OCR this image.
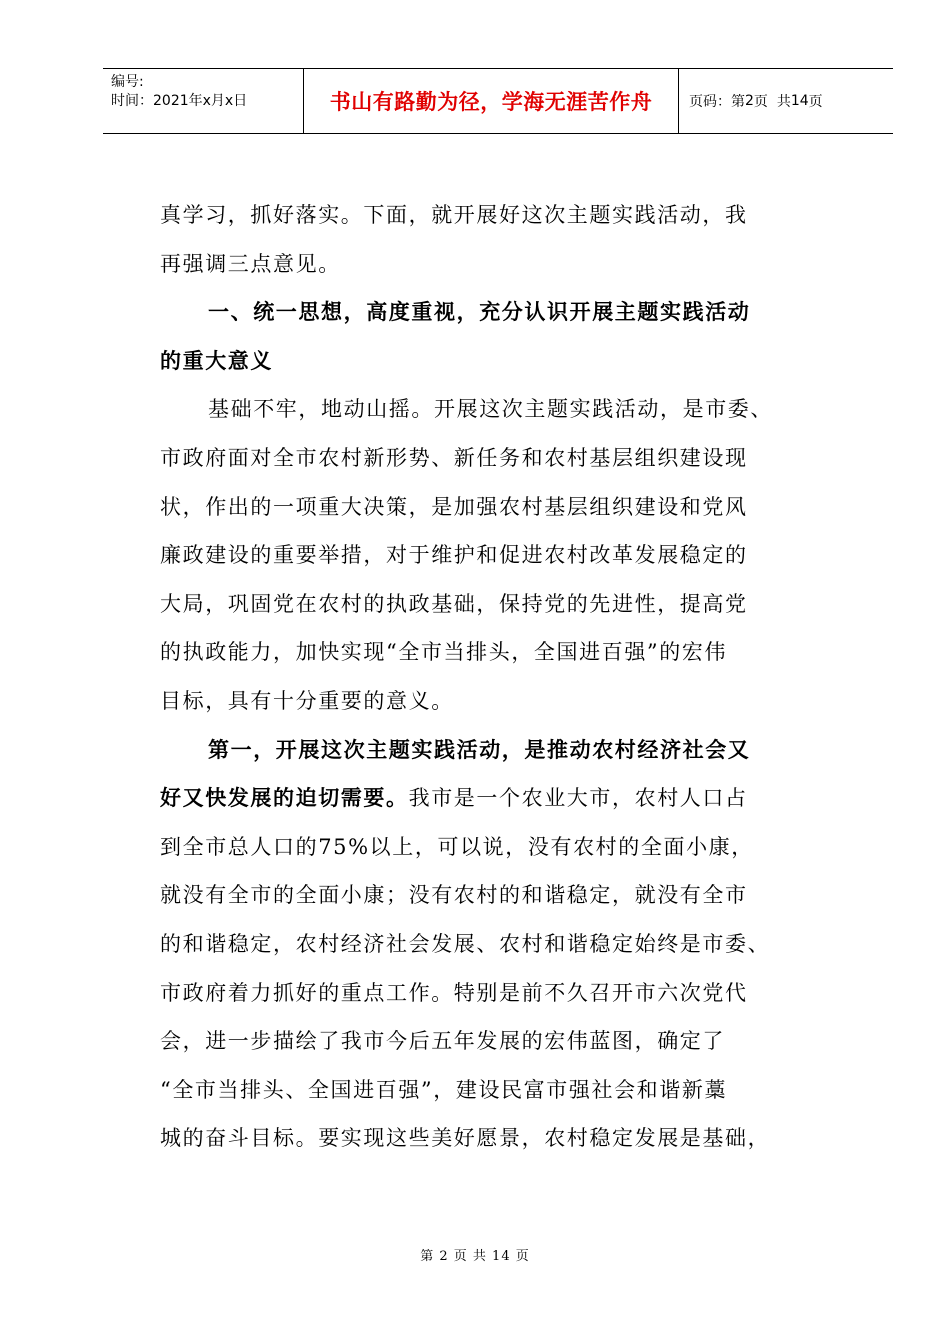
编号:
时间：2021年x月x日	书山有路勤为径，学海无涯苦作舟	页码：第 2 页  共 14 页
真学习，抓好落实。下面，就开展好这次主题实践活动，我
再强调三点意见。
一、统一思想，高度重视，充分认识开展主题实践活动
的重大意义
基础不牢，地动山摇。开展这次主题实践活动，是市委、
市政府面对全市农村新形势、新任务和农村基层组织建设现
状，作出的一项重大决策，是加强农村基层组织建设和党风
廉政建设的重要举措，对于维护和促进农村改革发展稳定的
大局，巩固党在农村的执政基础，保持党的先进性，提高党
的执政能力，加快实现“全市当排头，全国进百强”的宏伟
目标，具有十分重要的意义。
第一，开展这次主题实践活动，是推动农村经济社会又
好又快发展的迫切需要。我市是一个农业大市，农村人口占
到全市总人口的75%以上，可以说，没有农村的全面小康，
就没有全市的全面小康；没有农村的和谐稳定，就没有全市
的和谐稳定，农村经济社会发展、农村和谐稳定始终是市委、
市政府着力抓好的重点工作。特别是前不久召开市六次党代
会，进一步描绘了我市今后五年发展的宏伟蓝图，确定了
“全市当排头、全国进百强”，建设民富市强社会和谐新藁
城的奋斗目标。要实现这些美好愿景，农村稳定发展是基础，
第 2 页 共 14 页
